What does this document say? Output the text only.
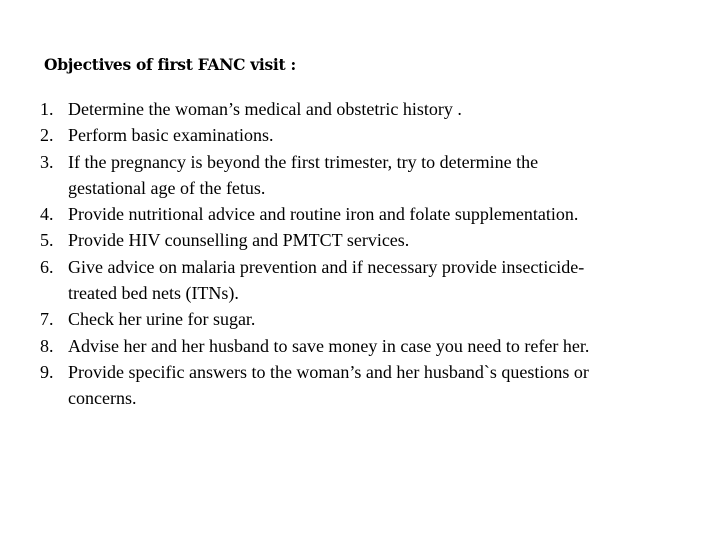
Objectives of first FANC visit :
1. Determine the woman’s medical and obstetric history .
2. Perform basic examinations.
3. If the pregnancy is beyond the first trimester, try to determine the
gestational age of the fetus.
4. Provide nutritional advice and routine iron and folate supplementation.
5. Provide HIV counselling and PMTCT services.
6. Give advice on malaria prevention and if necessary provide insecticide-
treated bed nets (ITNs).
7. Check her urine for sugar.
8. Advise her and her husband to save money in case you need to refer her.
9. Provide specific answers to the woman’s and her husband`s questions or
concerns.
